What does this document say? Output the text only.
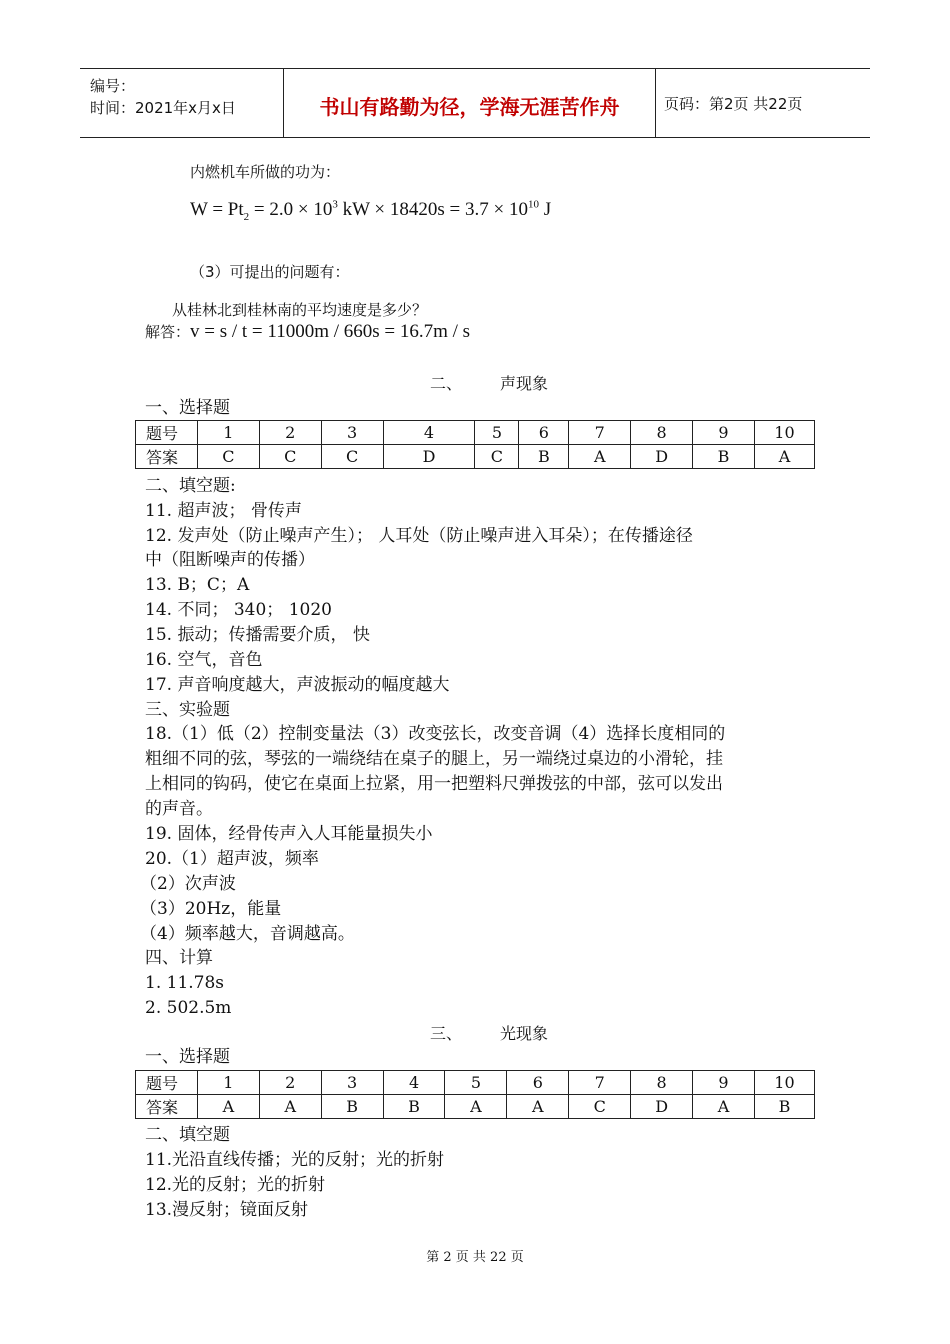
编号：
时间：2021年x月x日	书山有路勤为径，学海无涯苦作舟	页码：第2页 共22页
内燃机车所做的功为：
$W = Pt_2 = 2.0 \times 10^3$ kW × $18420s = 3.7 \times 10^{10}$ J
（3）可提出的问题有：
从桂林北到桂林南的平均速度是多少？
解答：v = s / t = 11000m / 660s = 16.7m / s
二、 声现象
一、选择题
题号	1	2	3	4	5	6	7	8	9	10
答案	C	C	C	D	C	B	A	D	B	A
二、填空题:
11. 超声波； 骨传声
12. 发声处（防止噪声产生）； 人耳处（防止噪声进入耳朵）；在传播途径
中（阻断噪声的传播）
13. B；C；A
14. 不同； 340； 1020
15. 振动；传播需要介质， 快
16. 空气，音色
17. 声音响度越大，声波振动的幅度越大
三、实验题
18.（1）低（2）控制变量法（3）改变弦长，改变音调（4）选择长度相同的
粗细不同的弦，琴弦的一端绕结在桌子的腿上，另一端绕过桌边的小滑轮，挂
上相同的钩码，使它在桌面上拉紧，用一把塑料尺弹拨弦的中部，弦可以发出
的声音。
19. 固体，经骨传声入人耳能量损失小
20.（1）超声波，频率
（2）次声波
（3）20Hz，能量
（4）频率越大，音调越高。
四、计算
1. 11.78s
2. 502.5m
三、 光现象
一、选择题
题号	1	2	3	4	5	6	7	8	9	10
答案	A	A	B	B	A	A	C	D	A	B
二、填空题
11.光沿直线传播；光的反射；光的折射
12.光的反射；光的折射
13.漫反射；镜面反射
第 2 页 共 22 页
